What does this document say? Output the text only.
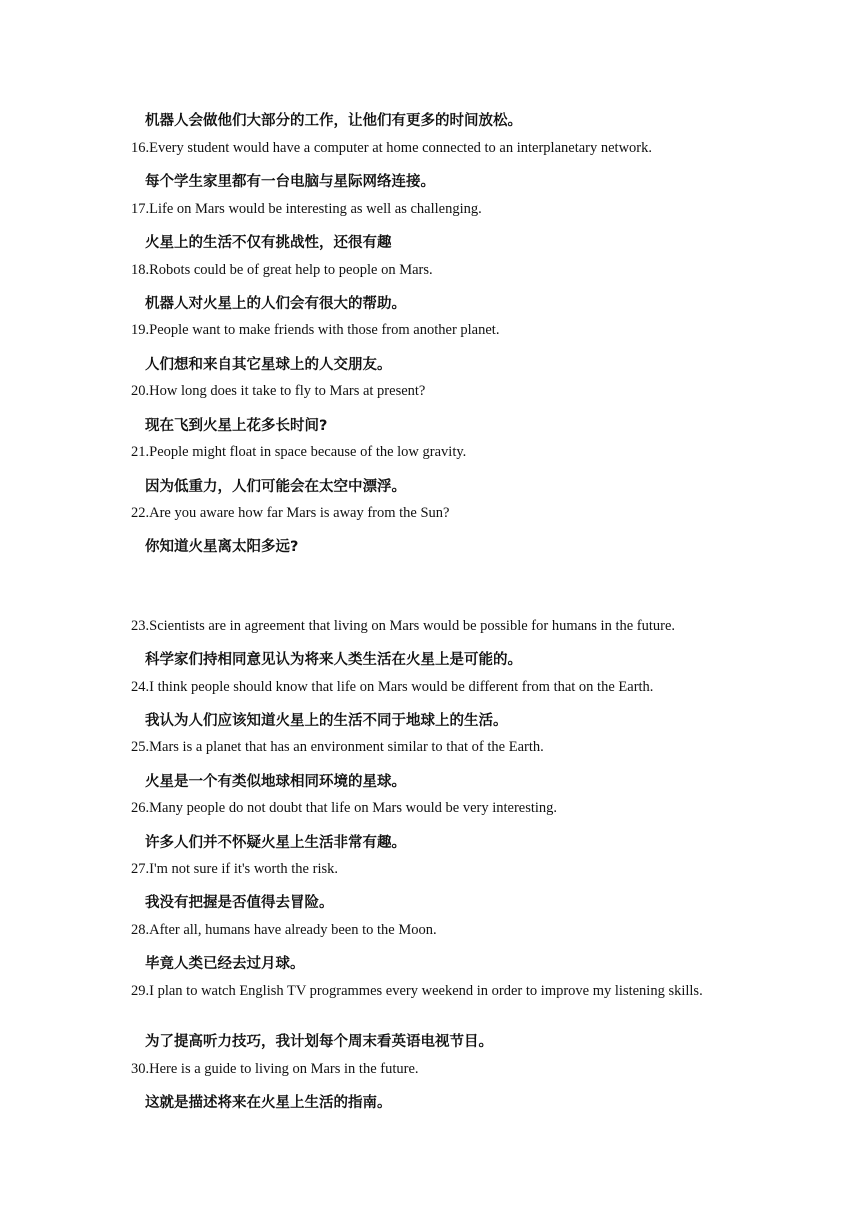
机器人会做他们大部分的工作，让他们有更多的时间放松。
16.Every student would have a computer at home connected to an interplanetary network.
每个学生家里都有一台电脑与星际网络连接。
17.Life on Mars would be interesting as well as challenging.
火星上的生活不仅有挑战性，还很有趣
18.Robots could be of great help to people on Mars.
机器人对火星上的人们会有很大的帮助。
19.People want to make friends with those from another planet.
人们想和来自其它星球上的人交朋友。
20.How long does it take to fly to Mars at present?
现在飞到火星上花多长时间?
21.People might float in space because of the low gravity.
因为低重力，人们可能会在太空中漂浮。
22.Are you aware how far Mars is away from the Sun?
你知道火星离太阳多远?
23.Scientists are in agreement that living on Mars would be possible for humans in the future.
科学家们持相同意见认为将来人类生活在火星上是可能的。
24.I think people should know that life on Mars would be different from that on the Earth.
我认为人们应该知道火星上的生活不同于地球上的生活。
25.Mars is a planet that has an environment similar to that of the Earth.
火星是一个有类似地球相同环境的星球。
26.Many people do not doubt that life on Mars would be very interesting.
许多人们并不怀疑火星上生活非常有趣。
27.I'm not sure if it's worth the risk.
我没有把握是否值得去冒险。
28.After all, humans have already been to the Moon.
毕竟人类已经去过月球。
29.I plan to watch English TV programmes every weekend in order to improve my listening skills.
为了提高听力技巧，我计划每个周末看英语电视节目。
30.Here is a guide to living on Mars in the future.
这就是描述将来在火星上生活的指南。
